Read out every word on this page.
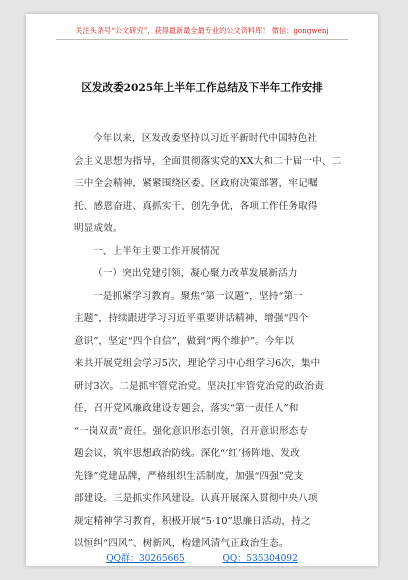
关注头条号“公文研究”，获得最新最全最专业的公文资料库！ 微信：gongwenj
区发改委2025年上半年工作总结及下半年工作安排
今年以来，区发改委坚持以习近平新时代中国特色社
会主义思想为指导，全面贯彻落实党的XX大和二十届一中、二
三中全会精神，紧紧围绕区委、区政府决策部署，牢记嘱
托、感恩奋进、真抓实干、创先争优，各项工作任务取得
明显成效。
一、上半年主要工作开展情况
（一）突出党建引领，凝心聚力改革发展新活力
一是抓紧学习教育。聚焦“第一议题”，坚持“第一
主题”，持续跟进学习习近平重要讲话精神，增强“四个
意识”，坚定“四个自信”，做到“两个维护”。今年以
来共开展党组会学习5次，理论学习中心组学习6次，集中
研讨3次。二是抓牢管党治党。坚决扛牢管党治党的政治责
任，召开党风廉政建设专题会，落实“第一责任人”和
“一岗双责”责任。强化意识形态引领，召开意识形态专
题会议，筑牢思想政治防线。深化“‘红’扬阵地、发改
先锋”党建品牌，严格组织生活制度，加强“四强”党支
部建设。三是抓实作风建设。认真开展深入贯彻中央八项
规定精神学习教育，积极开展“5·10”思廉日活动，持之
以恒纠“四风”、树新风，构建风清气正政治生态。
QQ群：30265665	QQ：535304092
